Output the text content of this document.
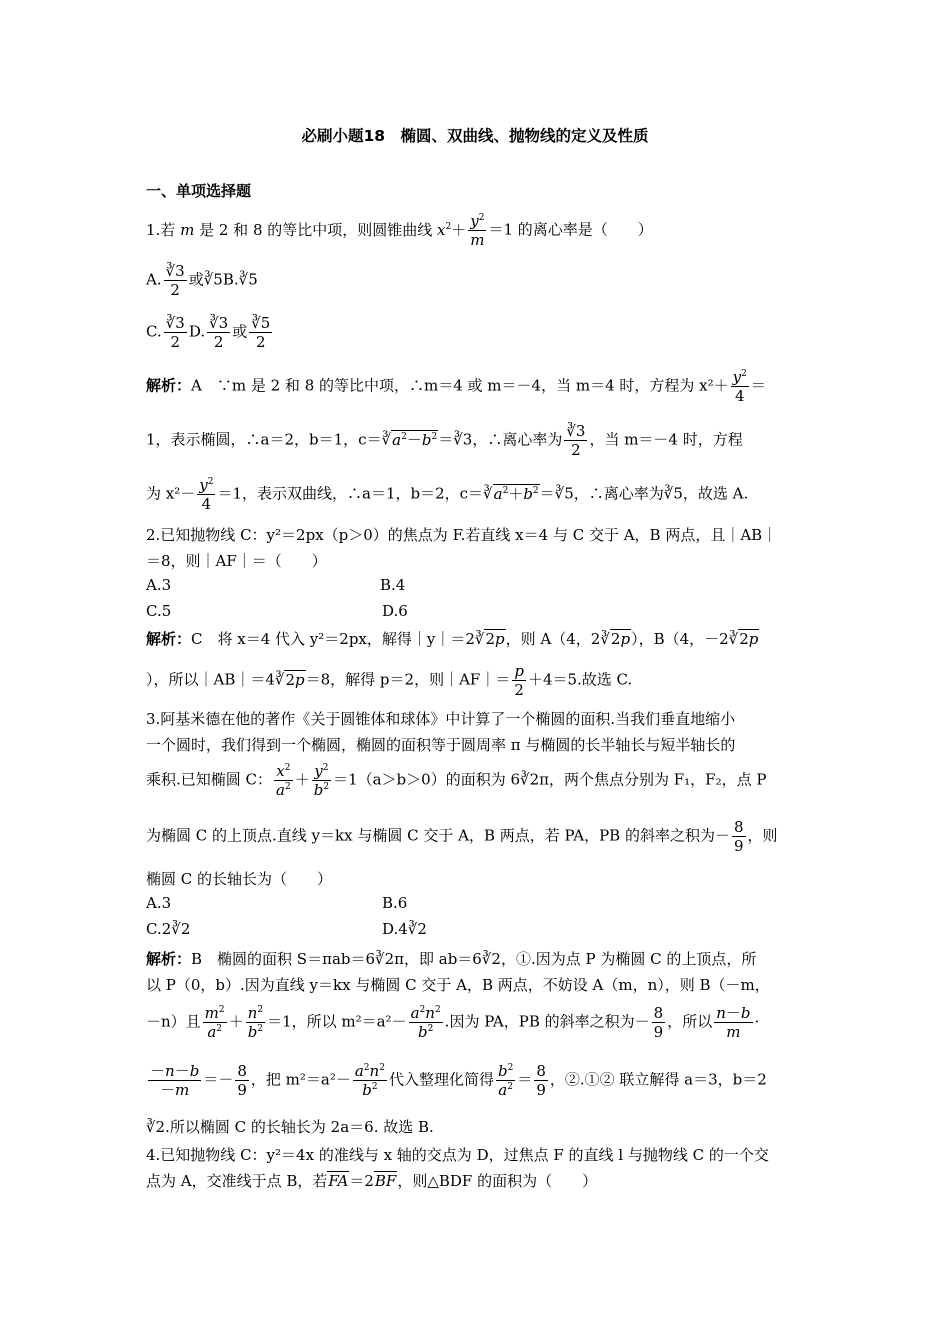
必刷小题18　椭圆、双曲线、抛物线的定义及性质
一、单项选择题
1.若 m 是 2 和 8 的等比中项，则圆锥曲线 $x^2+ \frac{y^2}{m} =1$ 的离心率是（　　）
A. $\frac{∛3}{2}$ 或∛5B.∛5
C. $\frac{∛3}{2} D$. $\frac{∛3}{2}$ 或 $\frac{∛5}{2}$
解析：A　∵m 是 2 和 8 的等比中项，∴m＝4 或 m＝－4，当 m＝4 时，方程为 $x^2+ \frac{y^2}{4}$ ＝
1，表示椭圆，∴a＝2，b＝1，$c=∛a^2-b^2=∛3$，∴离心率为 $\frac{∛3}{2}$ ，当 m＝－4 时，方程
为 $x^2- \frac{y^2}{4} =1$，表示双曲线，∴a＝1，b＝2，$c=∛a^2+b^2=∛5$，∴离心率为∛5，故选 A.
2.已知抛物线 C：y²＝2px（p＞0）的焦点为 F.若直线 x＝4 与 C 交于 A，B 两点，且｜AB｜
＝8，则｜AF｜＝（　　）
A.3	B.4
C.5	D.6
解析：C　将 x＝4 代入 y²＝2px，解得｜y｜＝2∛2p，则 A（4，2∛2p），B（4，－2∛2p
），所以｜AB｜＝4∛2p＝8，解得 p＝2，则｜AF｜＝ $\frac{p}{2} +4=5$.故选 C.
3.阿基米德在他的著作《关于圆锥体和球体》中计算了一个椭圆的面积.当我们垂直地缩小
一个圆时，我们得到一个椭圆，椭圆的面积等于圆周率 π 与椭圆的长半轴长与短半轴长的
乘积.已知椭圆 C： $\frac{x^2}{a^2} + \frac{y^2}{b^2} =1(a>b>0)$的面积为 6∛2π，两个焦点分别为 F₁，F₂，点 P
为椭圆 C 的上顶点.直线 y＝kx 与椭圆 C 交于 A，B 两点，若 PA，PB 的斜率之积为－ $\frac{8}{9}$ ，则
椭圆 C 的长轴长为（　　）
A.3	B.6
C.2∛2	D.4∛2
解析：B　椭圆的面积 S＝πab＝6∛2π，即 ab＝6∛2，①.因为点 P 为椭圆 C 的上顶点，所
以 P（0，b）.因为直线 y＝kx 与椭圆 C 交于 A，B 两点，不妨设 A（m，n），则 B（－m，
－n）且 $\frac{m^2}{a^2} + \frac{n^2}{b^2} =1$，所以 $m^2=a^2- \frac{a^2n^2}{b^2}$ .因为 PA，PB 的斜率之积为－ $\frac{8}{9}$ ，所以 $\frac{n-b}{m}$ ·
$\frac{-n-b}{-m} =- \frac{8}{9}$ ，把 $m^2=a^2- \frac{a^2n^2}{b^2}$ 代入整理化简得 $\frac{b^2}{a^2} = \frac{8}{9}$ ，②.①② 联立解得 a＝3，b＝2
∛2.所以椭圆 C 的长轴长为 2a＝6. 故选 B.
4.已知抛物线 C：y²＝4x 的准线与 x 轴的交点为 D，过焦点 F 的直线 l 与抛物线 C 的一个交
点为 A，交准线于点 B，若FA＝2BF，则△BDF 的面积为（　　）
